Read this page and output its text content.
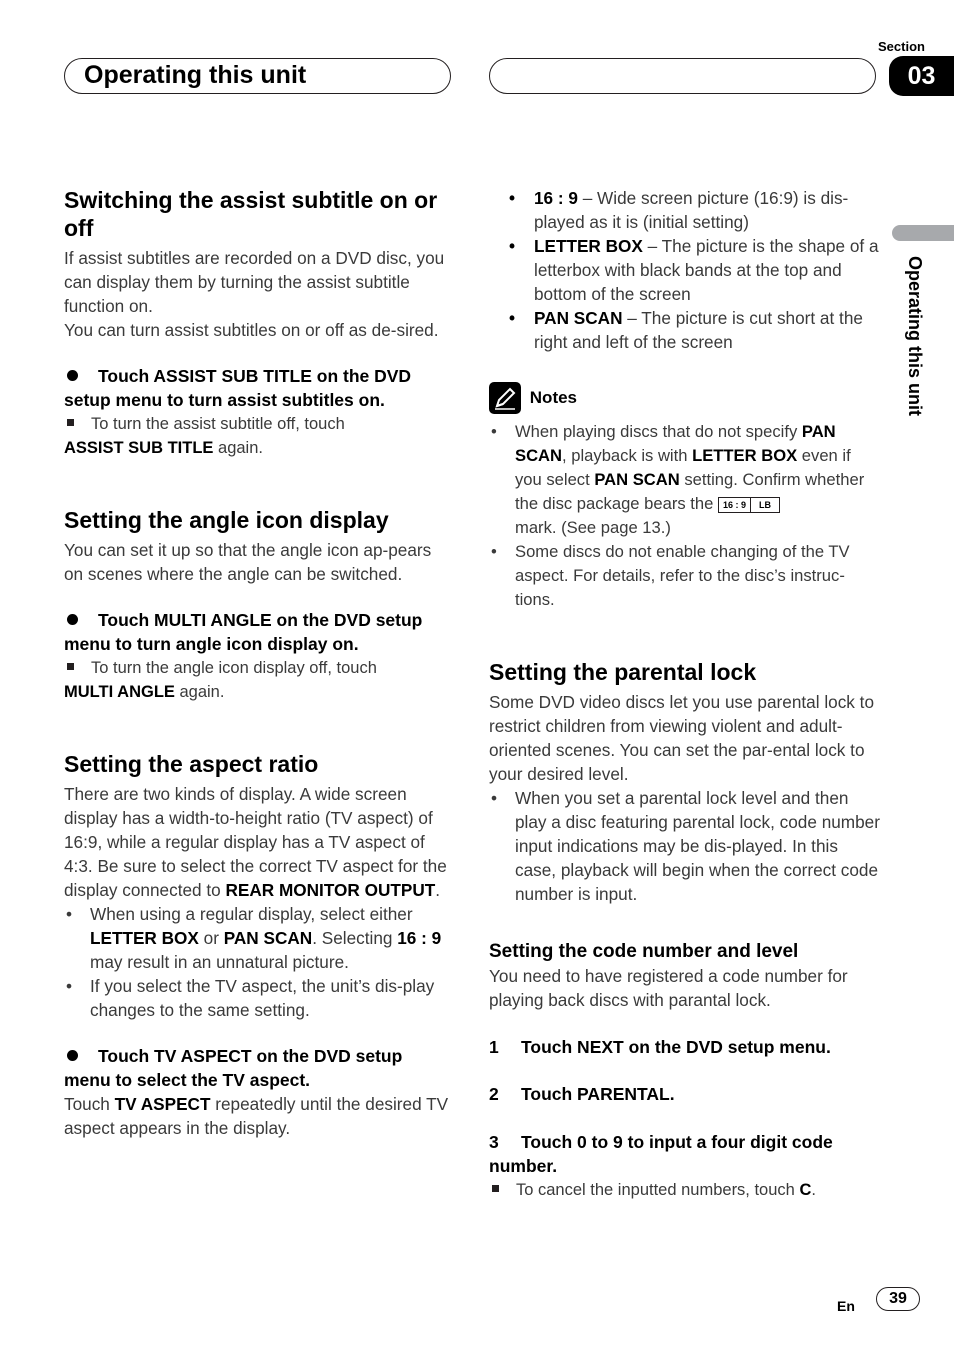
Operating this unit
Section
03
Operating this unit
Switching the assist subtitle on or off

If assist subtitles are recorded on a DVD disc, you can display them by turning the assist subtitle function on.

You can turn assist subtitles on or off as de-sired.

Touch ASSIST SUB TITLE on the DVD setup menu to turn assist subtitles on.
To turn the assist subtitle off, touch
ASSIST SUB TITLE again.
Setting the angle icon display

You can set it up so that the angle icon ap-pears on scenes where the angle can be switched.

Touch MULTI ANGLE on the DVD setup menu to turn angle icon display on.
To turn the angle icon display off, touch
MULTI ANGLE again.
Setting the aspect ratio

There are two kinds of display. A wide screen display has a width-to-height ratio (TV aspect) of 16:9, while a regular display has a TV aspect of 4:3. Be sure to select the correct TV aspect for the display connected to REAR MONITOR OUTPUT.

• When using a regular display, select either LETTER BOX or PAN SCAN. Selecting 16 : 9 may result in an unnatural picture.
• If you select the TV aspect, the unit’s dis-play changes to the same setting.
Touch TV ASPECT on the DVD setup menu to select the TV aspect.

Touch TV ASPECT repeatedly until the desired TV aspect appears in the display.

• 16 : 9 – Wide screen picture (16:9) is dis-played as it is (initial setting)
• LETTER BOX – The picture is the shape of a letterbox with black bands at the top and bottom of the screen
• PAN SCAN – The picture is cut short at the right and left of the screen
Notes
• When playing discs that do not specify PAN SCAN, playback is with LETTER BOX even if you select PAN SCAN setting. Confirm whether the disc package bears the 16 : 9	LB

mark. (See page 13.)
• Some discs do not enable changing of the TV aspect. For details, refer to the disc’s instruc-tions.
Setting the parental lock

Some DVD video discs let you use parental lock to restrict children from viewing violent and adult-oriented scenes. You can set the par-ental lock to your desired level.

• When you set a parental lock level and then play a disc featuring parental lock, code number input indications may be dis-played. In this case, playback will begin when the correct code number is input.
Setting the code number and level

You need to have registered a code number for playing back discs with parantal lock.

1 Touch NEXT on the DVD setup menu.
2 Touch PARENTAL.
3 Touch 0 to 9 to input a four digit code number.
To cancel the inputted numbers, touch C.
En	39
